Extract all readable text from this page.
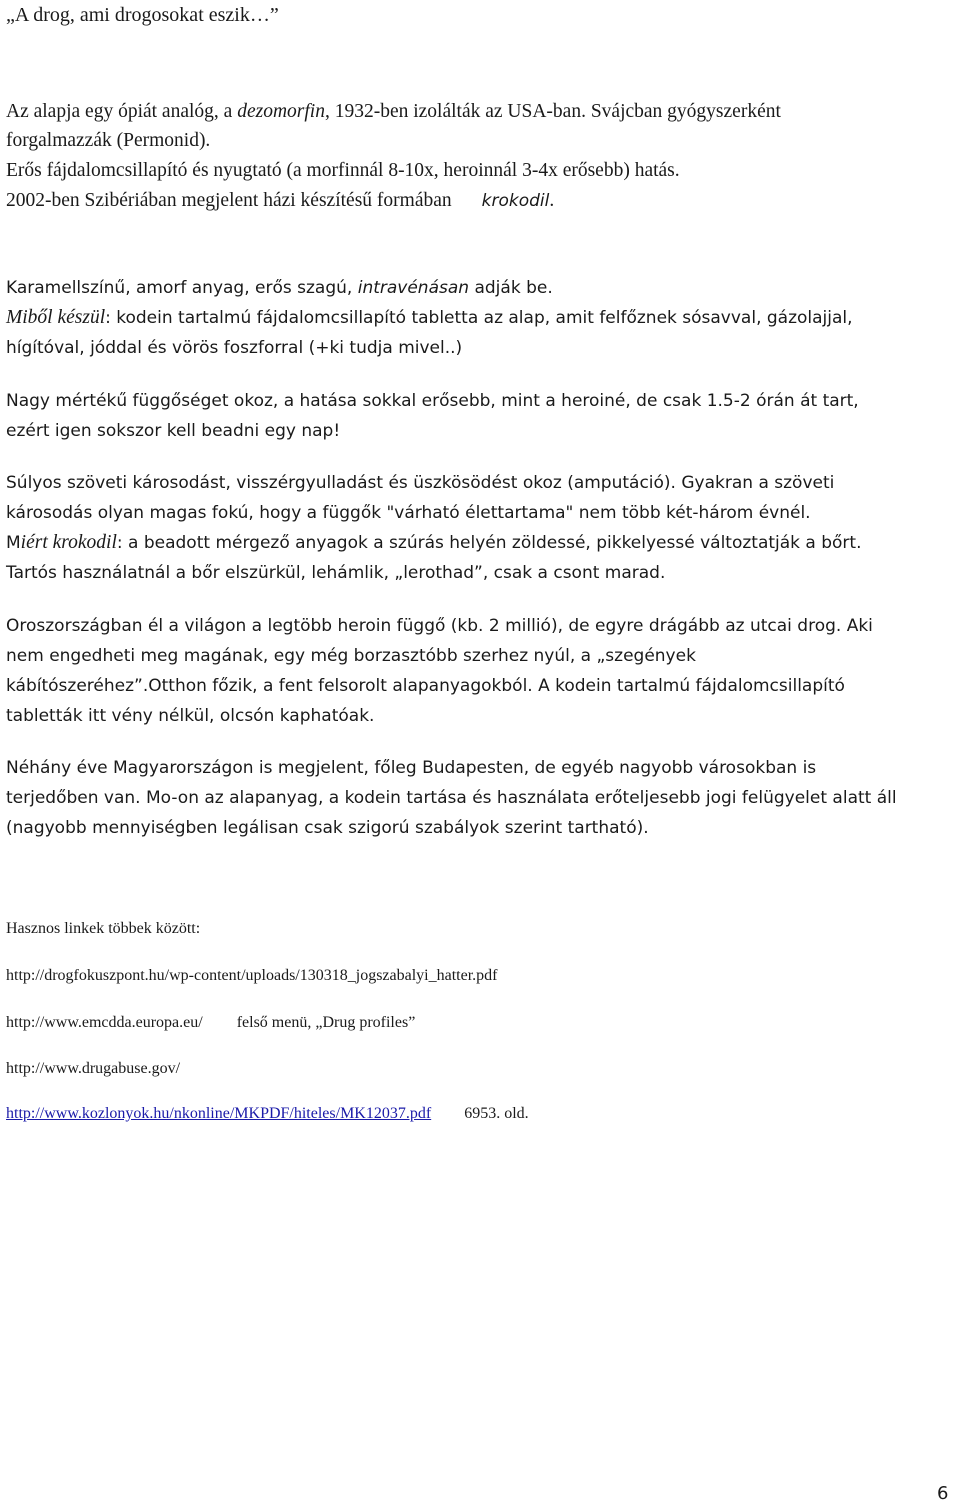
„A drog, ami drogosokat eszik…”
Az alapja egy ópiát analóg, a dezomorfin, 1932-ben izolálták az USA-ban. Svájcban gyógyszerként
forgalmazzák (Permonid).
Erős fájdalomcsillapító és nyugtató (a morfinnál 8-10x, heroinnál 3-4x erősebb) hatás.
2002-ben Szibériában megjelent házi készítésű formában krokodil.
Karamellszínű, amorf anyag, erős szagú, intravénásan adják be.
Miből készül: kodein tartalmú fájdalomcsillapító tabletta az alap, amit felfőznek sósavval, gázolajjal,
hígítóval, jóddal és vörös foszforral (+ki tudja mivel..)
Nagy mértékű függőséget okoz, a hatása sokkal erősebb, mint a heroiné, de csak 1.5-2 órán át tart,
ezért igen sokszor kell beadni egy nap!
Súlyos szöveti károsodást, visszérgyulladást és üszkösödést okoz (amputáció). Gyakran a szöveti
károsodás olyan magas fokú, hogy a függők "várható élettartama" nem több két-három évnél.
Miért krokodil: a beadott mérgező anyagok a szúrás helyén zöldessé, pikkelyessé változtatják a bőrt.
Tartós használatnál a bőr elszürkül, lehámlik, „lerothad”, csak a csont marad.
Oroszországban él a világon a legtöbb heroin függő (kb. 2 millió), de egyre drágább az utcai drog. Aki
nem engedheti meg magának, egy még borzasztóbb szerhez nyúl, a „szegények
kábítószeréhez”.Otthon főzik, a fent felsorolt alapanyagokból. A kodein tartalmú fájdalomcsillapító
tabletták itt vény nélkül, olcsón kaphatóak.
Néhány éve Magyarországon is megjelent, főleg Budapesten, de egyéb nagyobb városokban is
terjedőben van. Mo-on az alapanyag, a kodein tartása és használata erőteljesebb jogi felügyelet alatt áll
(nagyobb mennyiségben legálisan csak szigorú szabályok szerint tartható).
Hasznos linkek többek között:
http://drogfokuszpont.hu/wp-content/uploads/130318_jogszabalyi_hatter.pdf
http://www.emcdda.europa.eu/ felső menü, „Drug profiles”
http://www.drugabuse.gov/
http://www.kozlonyok.hu/nkonline/MKPDF/hiteles/MK12037.pdf 6953. old.
6
